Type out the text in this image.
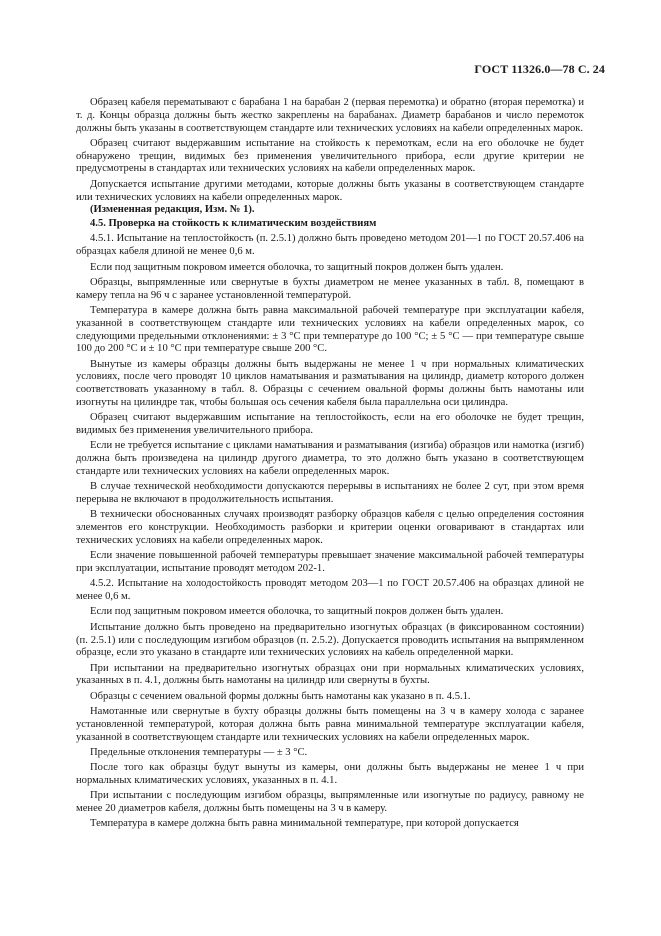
ГОСТ 11326.0—78 С. 24

Образец кабеля перематывают с барабана 1 на барабан 2 (первая перемотка) и обратно (вторая перемотка) и т. д. Концы образца должны быть жестко закреплены на барабанах. Диаметр барабанов и число перемоток должны быть указаны в соответствующем стандарте или технических условиях на кабели определенных марок.

Образец считают выдержавшим испытание на стойкость к перемоткам, если на его оболочке не будет обнаружено трещин, видимых без применения увеличительного прибора, если другие критерии не предусмотрены в стандартах или технических условиях на кабели определенных марок.

Допускается испытание другими методами, которые должны быть указаны в соответствующем стандарте или технических условиях на кабели определенных марок.

(Измененная редакция, Изм. № 1).

4.5. Проверка на стойкость к климатическим воздействиям

4.5.1. Испытание на теплостойкость (п. 2.5.1) должно быть проведено методом 201—1 по ГОСТ 20.57.406 на образцах кабеля длиной не менее 0,6 м.

Если под защитным покровом имеется оболочка, то защитный покров должен быть удален.

Образцы, выпрямленные или свернутые в бухты диаметром не менее указанных в табл. 8, помещают в камеру тепла на 96 ч с заранее установленной температурой.

Температура в камере должна быть равна максимальной рабочей температуре при эксплуатации кабеля, указанной в соответствующем стандарте или технических условиях на кабели определенных марок, со следующими предельными отклонениями: ± 3 °C при температуре до 100 °C; ± 5 °C — при температуре свыше 100 до 200 °C и ± 10 °C при температуре свыше 200 °C.

Вынутые из камеры образцы должны быть выдержаны не менее 1 ч при нормальных климатических условиях, после чего проводят 10 циклов наматывания и разматывания на цилиндр, диаметр которого должен соответствовать указанному в табл. 8. Образцы с сечением овальной формы должны быть намотаны или изогнуты на цилиндре так, чтобы большая ось сечения кабеля была параллельна оси цилиндра.

Образец считают выдержавшим испытание на теплостойкость, если на его оболочке не будет трещин, видимых без применения увеличительного прибора.

Если не требуется испытание с циклами наматывания и разматывания (изгиба) образцов или намотка (изгиб) должна быть произведена на цилиндр другого диаметра, то это должно быть указано в соответствующем стандарте или технических условиях на кабели определенных марок.

В случае технической необходимости допускаются перерывы в испытаниях не более 2 сут, при этом время перерыва не включают в продолжительность испытания.

В технически обоснованных случаях производят разборку образцов кабеля с целью определения состояния элементов его конструкции. Необходимость разборки и критерии оценки оговаривают в стандартах или технических условиях на кабели определенных марок.

Если значение повышенной рабочей температуры превышает значение максимальной рабочей температуры при эксплуатации, испытание проводят методом 202-1.

4.5.2. Испытание на холодостойкость проводят методом 203—1 по ГОСТ 20.57.406 на образцах длиной не менее 0,6 м.

Если под защитным покровом имеется оболочка, то защитный покров должен быть удален.

Испытание должно быть проведено на предварительно изогнутых образцах (в фиксированном состоянии) (п. 2.5.1) или с последующим изгибом образцов (п. 2.5.2). Допускается проводить испытания на выпрямленном образце, если это указано в стандарте или технических условиях на кабель определенной марки.

При испытании на предварительно изогнутых образцах они при нормальных климатических условиях, указанных в п. 4.1, должны быть намотаны на цилиндр или свернуты в бухты.

Образцы с сечением овальной формы должны быть намотаны как указано в п. 4.5.1.

Намотанные или свернутые в бухту образцы должны быть помещены на 3 ч в камеру холода с заранее установленной температурой, которая должна быть равна минимальной температуре эксплуатации кабеля, указанной в соответствующем стандарте или технических условиях на кабели определенных марок.

Предельные отклонения температуры — ± 3 °C.

После того как образцы будут вынуты из камеры, они должны быть выдержаны не менее 1 ч при нормальных климатических условиях, указанных в п. 4.1.

При испытании с последующим изгибом образцы, выпрямленные или изогнутые по радиусу, равному не менее 20 диаметров кабеля, должны быть помещены на 3 ч в камеру.

Температура в камере должна быть равна минимальной температуре, при которой допускается
